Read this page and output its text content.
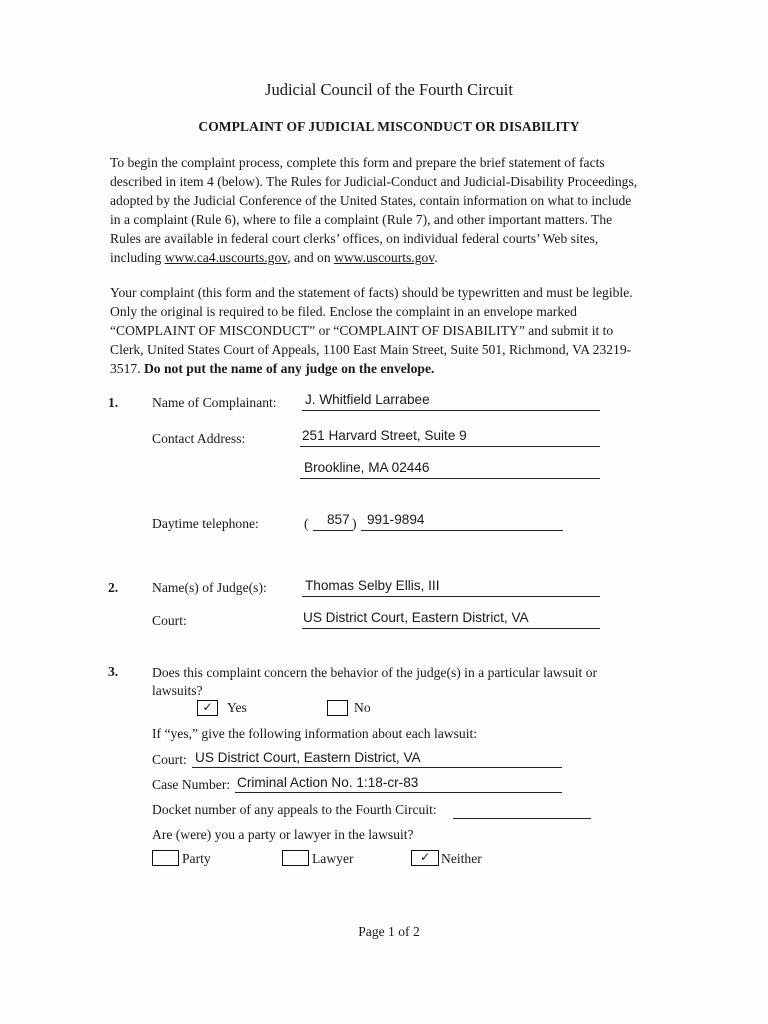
Judicial Council of the Fourth Circuit
COMPLAINT OF JUDICIAL MISCONDUCT OR DISABILITY
To begin the complaint process, complete this form and prepare the brief statement of facts
described in item 4 (below). The Rules for Judicial-Conduct and Judicial-Disability Proceedings,
adopted by the Judicial Conference of the United States, contain information on what to include
in a complaint (Rule 6), where to file a complaint (Rule 7), and other important matters. The
Rules are available in federal court clerks’ offices, on individual federal courts’ Web sites,
including www.ca4.uscourts.gov, and on www.uscourts.gov.
Your complaint (this form and the statement of facts) should be typewritten and must be legible.
Only the original is required to be filed. Enclose the complaint in an envelope marked
“COMPLAINT OF MISCONDUCT” or “COMPLAINT OF DISABILITY” and submit it to
Clerk, United States Court of Appeals, 1100 East Main Street, Suite 501, Richmond, VA 23219-
3517. Do not put the name of any judge on the envelope.
1. Name of Complainant: J. Whitfield Larrabee
Contact Address:	251 Harvard Street, Suite 9
Brookline, MA 02446
Daytime telephone:	( 857 ) 991-9894
2. Name(s) of Judge(s):	Thomas Selby Ellis, III
Court:	US District Court, Eastern District, VA
3. Does this complaint concern the behavior of the judge(s) in a particular lawsuit or
lawsuits?
✓	Yes	No
If “yes,” give the following information about each lawsuit:
Court: US District Court, Eastern District, VA
Case Number: Criminal Action No. 1:18-cr-83
Docket number of any appeals to the Fourth Circuit:
Are (were) you a party or lawyer in the lawsuit?
Party	Lawyer	✓ Neither
Page 1 of 2
